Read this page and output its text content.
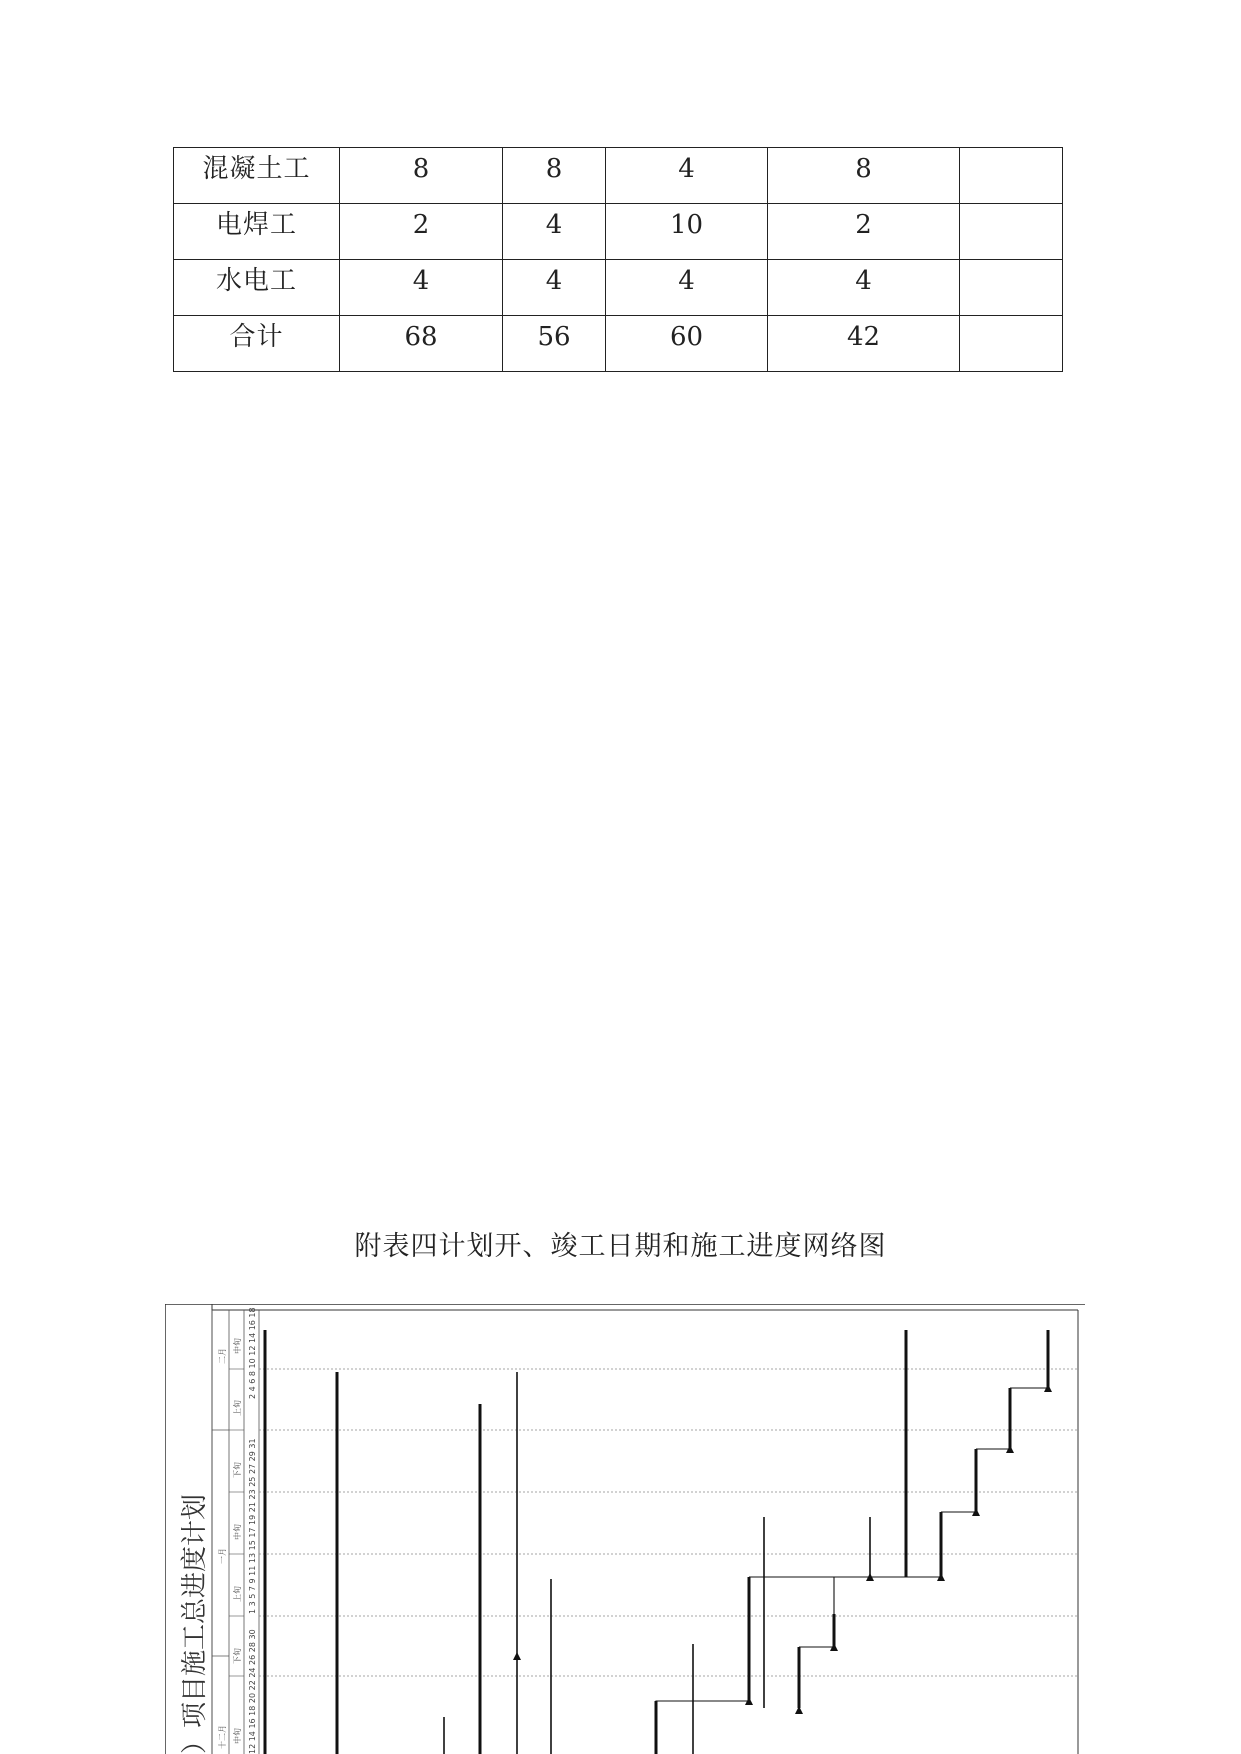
混凝土工	8	8	4	8	
电焊工	2	4	10	2	
水电工	4	4	4	4	
合计	68	56	60	42	
附表四计划开、竣工日期和施工进度网络图
）项目施工总进度计划 十二月
一月
二月
中旬
下旬
上旬
中旬
下旬
上旬
中旬
12 14 16 18 20 22 24 26 28 30
1 3 5 7 9 11 13 15 17 19 21 23 25 27 29 31
2 4 6 8 10 12 14 16 18
